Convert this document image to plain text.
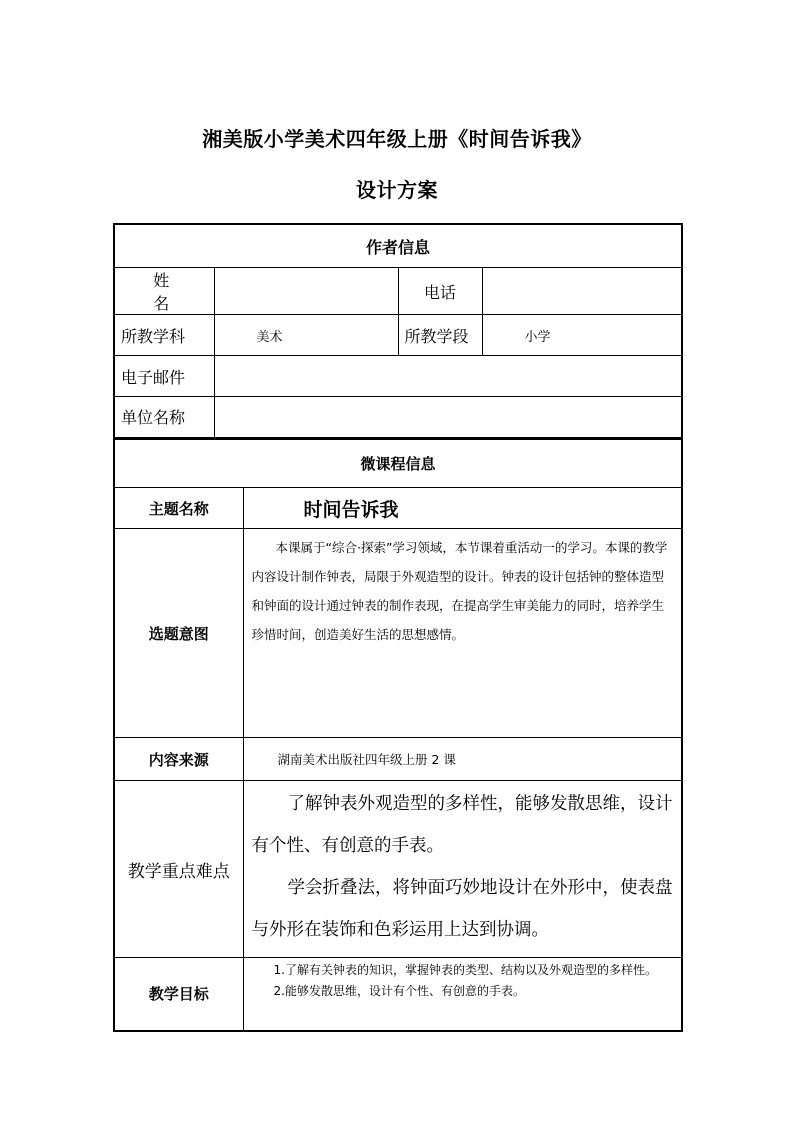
湘美版小学美术四年级上册《时间告诉我》
设计方案
作者信息			
姓 名		电话	
所教学科	美术	所教学段	小学
电子邮件			
单位名称			
微课程信息	
主题名称	时间告诉我
选题意图	本课属于“综合·探索”学习领域，本节课着重活动一的学习。本课的教学内容设计制作钟表，局限于外观造型的设计。钟表的设计包括钟的整体造型和钟面的设计通过钟表的制作表现，在提高学生审美能力的同时，培养学生珍惜时间，创造美好生活的思想感情。
内容来源	湖南美术出版社四年级上册 2 课
教学重点难点	了解钟表外观造型的多样性，能够发散思维，设计有个性、有创意的手表。

学会折叠法，将钟面巧妙地设计在外形中，使表盘与外形在装饰和色彩运用上达到协调。

教学目标	1.了解有关钟表的知识，掌握钟表的类型、结构以及外观造型的多样性。

2.能够发散思维，设计有个性、有创意的手表。
